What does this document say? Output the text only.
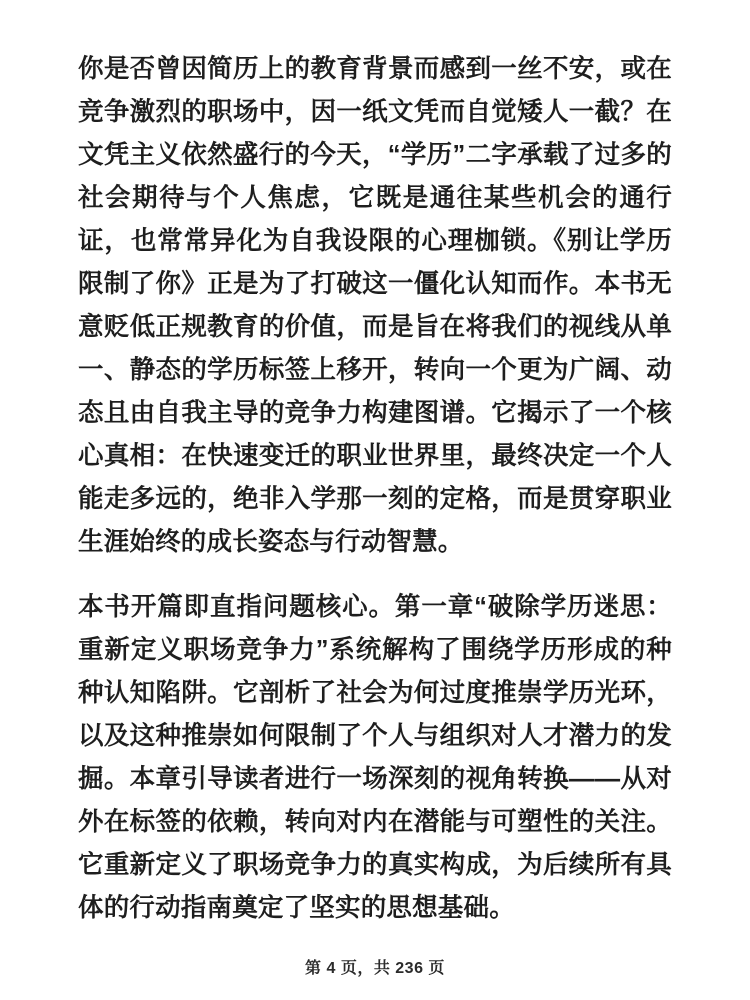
你是否曾因简历上的教育背景而感到一丝不安，或在竞争激烈的职场中，因一纸文凭而自觉矮人一截？在文凭主义依然盛行的今天，“学历”二字承载了过多的社会期待与个人焦虑，它既是通往某些机会的通行证，也常常异化为自我设限的心理枷锁。《别让学历限制了你》正是为了打破这一僵化认知而作。本书无意贬低正规教育的价值，而是旨在将我们的视线从单一、静态的学历标签上移开，转向一个更为广阔、动态且由自我主导的竞争力构建图谱。它揭示了一个核心真相：在快速变迁的职业世界里，最终决定一个人能走多远的，绝非入学那一刻的定格，而是贯穿职业生涯始终的成长姿态与行动智慧。

本书开篇即直指问题核心。第一章“破除学历迷思：重新定义职场竞争力”系统解构了围绕学历形成的种种认知陷阱。它剖析了社会为何过度推崇学历光环，以及这种推崇如何限制了个人与组织对人才潜力的发掘。本章引导读者进行一场深刻的视角转换——从对外在标签的依赖，转向对内在潜能与可塑性的关注。它重新定义了职场竞争力的真实构成，为后续所有具体的行动指南奠定了坚实的思想基础。

第 4 页，共 236 页
